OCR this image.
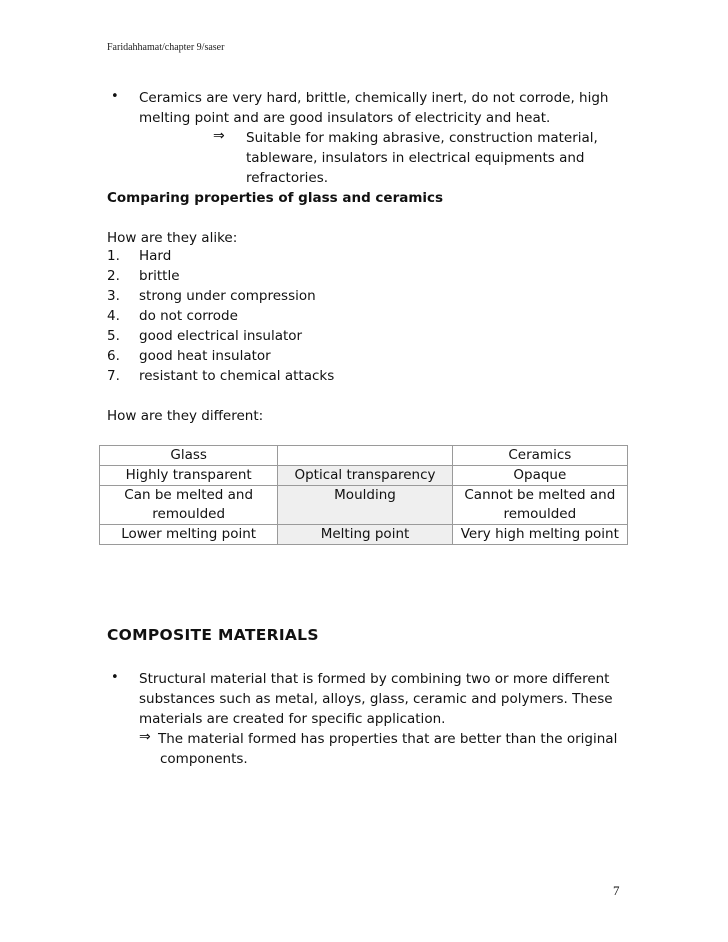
Faridahhamat/chapter 9/saser
• Ceramics are very hard, brittle, chemically inert, do not corrode, high
melting point and are good insulators of electricity and heat.
⇒ Suitable for making abrasive, construction material,
tableware, insulators in electrical equipments and
refractories.
Comparing properties of glass and ceramics
How are they alike:
1. Hard
2. brittle
3. strong under compression
4. do not corrode
5. good electrical insulator
6. good heat insulator
7. resistant to chemical attacks
How are they different:
Glass		Ceramics
Highly transparent	Optical transparency	Opaque
Can be melted and remoulded	Moulding	Cannot be melted and remoulded
Lower melting point	Melting point	Very high melting point
COMPOSITE MATERIALS
• Structural material that is formed by combining two or more different
substances such as metal, alloys, glass, ceramic and polymers. These
materials are created for specific application.
⇒ The material formed has properties that are better than the original
components.
7
